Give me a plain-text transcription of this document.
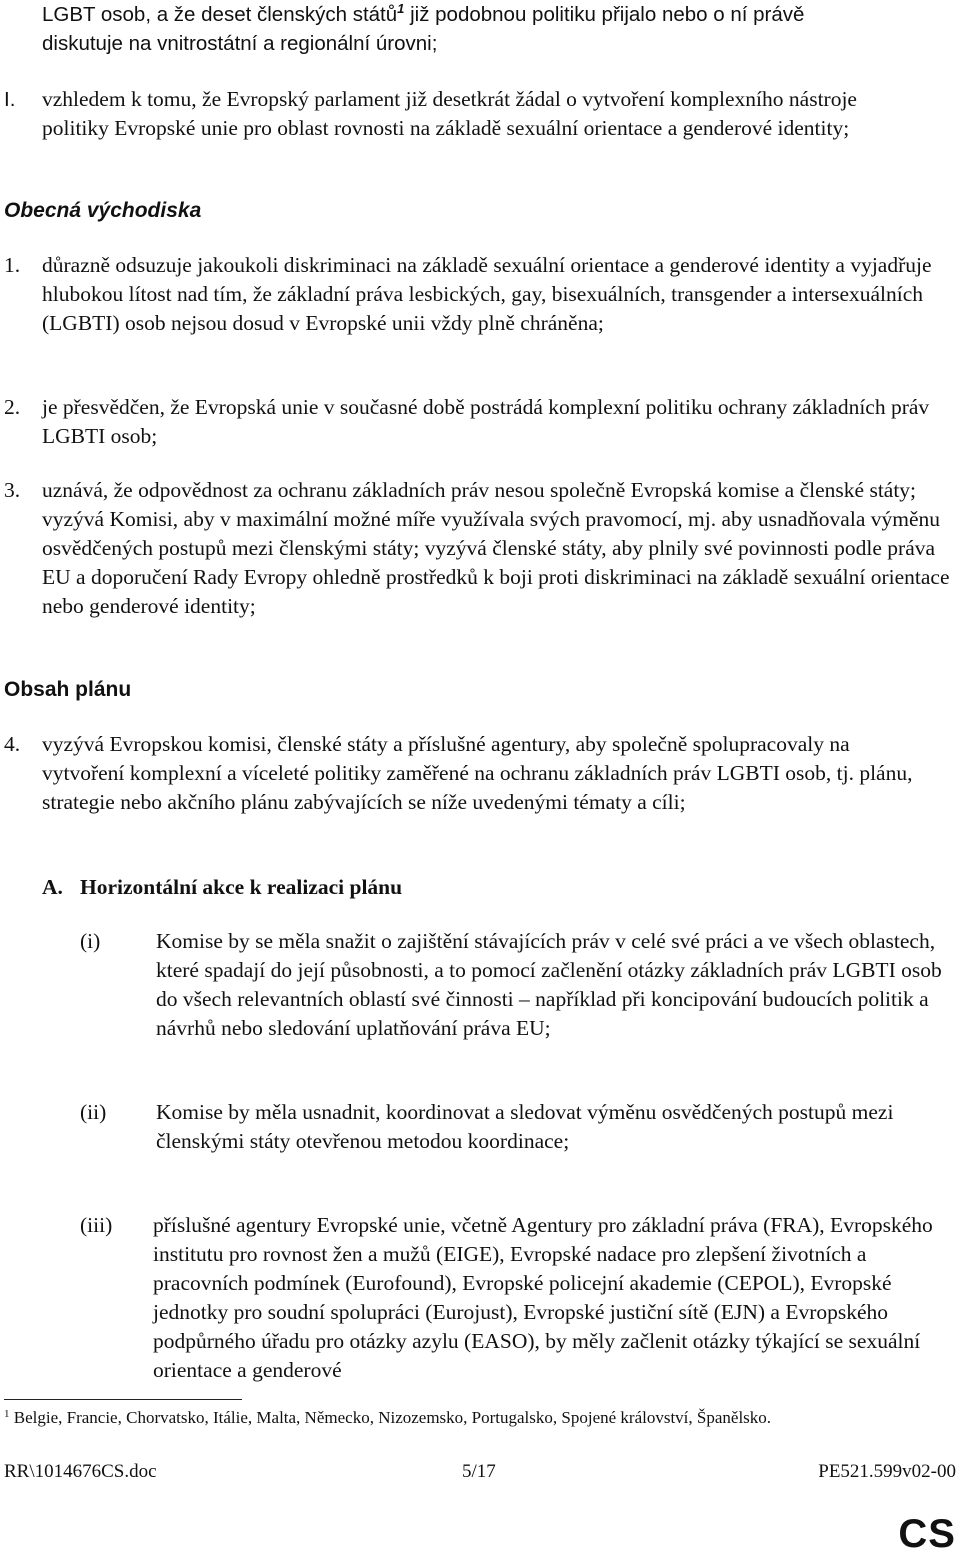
LGBT osob, a že deset členských států$^1$ již podobnou politiku přijalo nebo o ní právě
diskutuje na vnitrostátní a regionální úrovni;
I. vzhledem k tomu, že Evropský parlament již desetkrát žádal o vytvoření komplexního nástroje politiky Evropské unie pro oblast rovnosti na základě sexuální orientace a genderové identity;
Obecná východiska
1. důrazně odsuzuje jakoukoli diskriminaci na základě sexuální orientace a genderové identity a vyjadřuje hlubokou lítost nad tím, že základní práva lesbických, gay, bisexuálních, transgender a intersexuálních (LGBTI) osob nejsou dosud v Evropské unii vždy plně chráněna;
2. je přesvědčen, že Evropská unie v současné době postrádá komplexní politiku ochrany základních práv LGBTI osob;
3. uznává, že odpovědnost za ochranu základních práv nesou společně Evropská komise a členské státy; vyzývá Komisi, aby v maximální možné míře využívala svých pravomocí, mj. aby usnadňovala výměnu osvědčených postupů mezi členskými státy; vyzývá členské státy, aby plnily své povinnosti podle práva EU a doporučení Rady Evropy ohledně prostředků k boji proti diskriminaci na základě sexuální orientace nebo genderové identity;
Obsah plánu
4. vyzývá Evropskou komisi, členské státy a příslušné agentury, aby společně spolupracovaly na vytvoření komplexní a víceleté politiky zaměřené na ochranu základních práv LGBTI osob, tj. plánu, strategie nebo akčního plánu zabývajících se níže uvedenými tématy a cíli;
A. Horizontální akce k realizaci plánu
(i)	Komise by se měla snažit o zajištění stávajících práv v celé své práci a ve všech oblastech, které spadají do její působnosti, a to pomocí začlenění otázky základních práv LGBTI osob do všech relevantních oblastí své činnosti – například při koncipování budoucích politik a návrhů nebo sledování uplatňování práva EU;
(ii) Komise by měla usnadnit, koordinovat a sledovat výměnu osvědčených postupů mezi členskými státy otevřenou metodou koordinace;
(iii) příslušné agentury Evropské unie, včetně Agentury pro základní práva (FRA), Evropského institutu pro rovnost žen a mužů (EIGE), Evropské nadace pro zlepšení životních a pracovních podmínek (Eurofound), Evropské policejní akademie (CEPOL), Evropské jednotky pro soudní spolupráci (Eurojust), Evropské justiční sítě (EJN) a Evropského podpůrného úřadu pro otázky azylu (EASO), by měly začlenit otázky týkající se sexuální orientace a genderové
$^1$ Belgie, Francie, Chorvatsko, Itálie, Malta, Německo, Nizozemsko, Portugalsko, Spojené království, Španělsko.
RR\1014676CS.doc	5/17	PE521.599v02-00
CS
